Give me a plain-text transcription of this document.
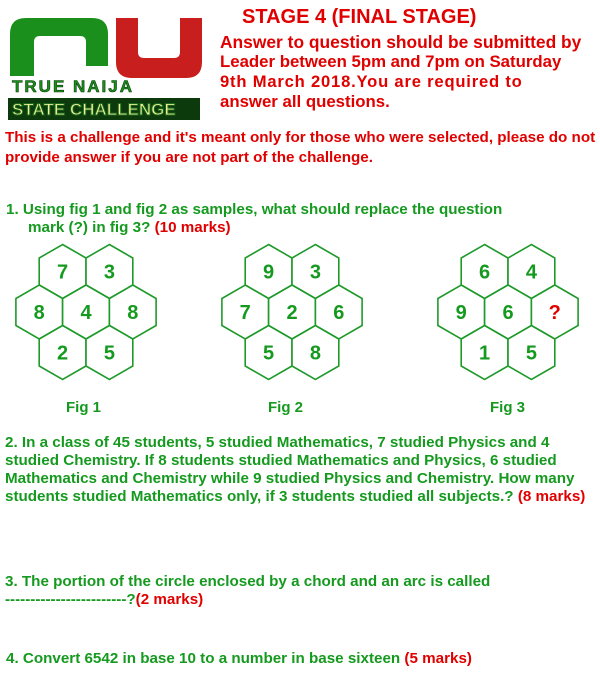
TRUE NAIJA
STATE CHALLENGE
STAGE 4 (FINAL STAGE)
Answer to question should be submitted by
Leader between 5pm and 7pm on Saturday
9th March 2018.You are required to
answer all questions.
This is a challenge and it's meant only for those who were selected, please do not provide answer if you are not part of the challenge.
1. Using fig 1 and fig 2 as samples, what should replace the question
mark (?) in fig 3? (10 marks)
7 3
8 4 8
2 5
9 3
7 2 6
5 8
6 4
9 6 ?
1 5
Fig 1	Fig 2	Fig 3
2. In a class of 45 students, 5 studied Mathematics, 7 studied Physics and 4 studied Chemistry. If 8 students studied Mathematics and Physics, 6 studied Mathematics and Chemistry while 9 studied Physics and Chemistry. How many students studied Mathematics only, if 3 students studied all subjects.? (8 marks)
3. The portion of the circle enclosed by a chord and an arc is called
------------------------?(2 marks)
4. Convert 6542 in base 10 to a number in base sixteen (5 marks)
